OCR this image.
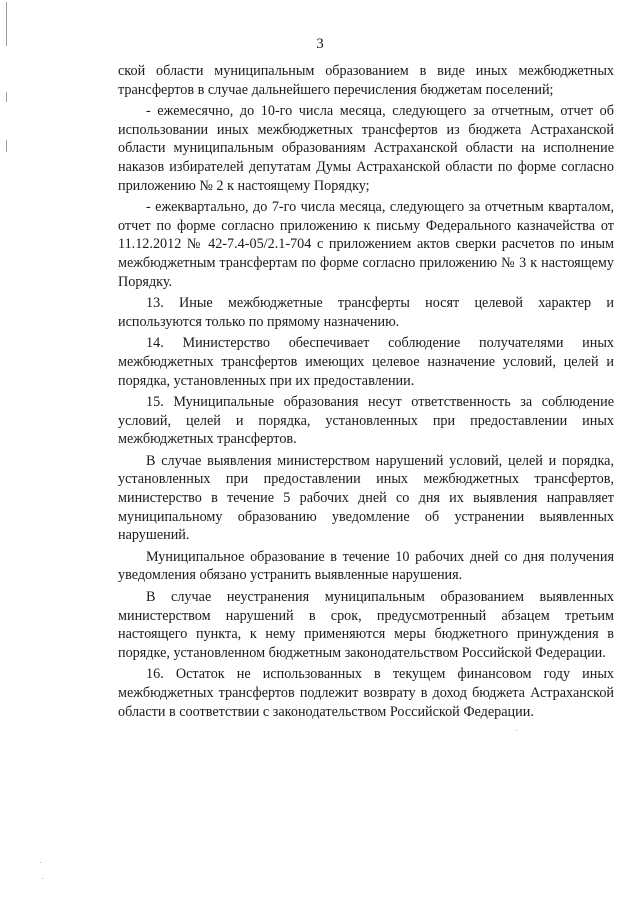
3

ской области муниципальным образованием в виде иных межбюджетных трансфертов в случае дальнейшего перечисления бюджетам поселений;

- ежемесячно, до 10-го числа месяца, следующего за отчетным, отчет об использовании иных межбюджетных трансфертов из бюджета Астраханской области муниципальным образованиям Астраханской области на исполнение наказов избирателей депутатам Думы Астраханской области по форме согласно приложению № 2 к настоящему Порядку;

- ежеквартально, до 7-го числа месяца, следующего за отчетным кварталом, отчет по форме согласно приложению к письму Федерального казначейства от 11.12.2012 № 42-7.4-05/2.1-704 с приложением актов сверки расчетов по иным межбюджетным трансфертам по форме согласно приложению № 3 к настоящему Порядку.

13. Иные межбюджетные трансферты носят целевой характер и используются только по прямому назначению.

14. Министерство обеспечивает соблюдение получателями иных межбюджетных трансфертов имеющих целевое назначение условий, целей и порядка, установленных при их предоставлении.

15. Муниципальные образования несут ответственность за соблюдение условий, целей и порядка, установленных при предоставлении иных межбюджетных трансфертов.

В случае выявления министерством нарушений условий, целей и порядка, установленных при предоставлении иных межбюджетных трансфертов, министерство в течение 5 рабочих дней со дня их выявления направляет муниципальному образованию уведомление об устранении выявленных нарушений.

Муниципальное образование в течение 10 рабочих дней со дня получения уведомления обязано устранить выявленные нарушения.

В случае неустранения муниципальным образованием выявленных министерством нарушений в срок, предусмотренный абзацем третьим настоящего пункта, к нему применяются меры бюджетного принуждения в порядке, установленном бюджетным законодательством Российской Федерации.

16. Остаток не использованных в текущем финансовом году иных межбюджетных трансфертов подлежит возврату в доход бюджета Астраханской области в соответствии с законодательством Российской Федерации.
